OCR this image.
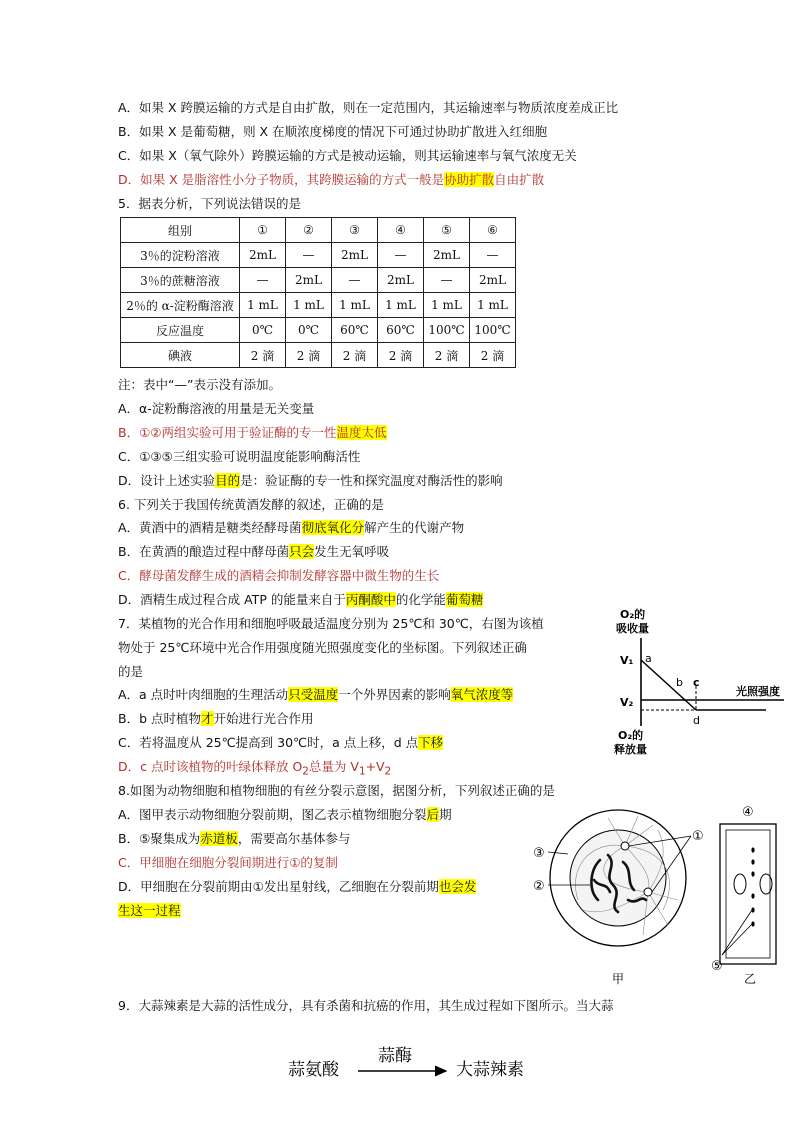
A．如果 X 跨膜运输的方式是自由扩散，则在一定范围内，其运输速率与物质浓度差成正比
B．如果 X 是葡萄糖，则 X 在顺浓度梯度的情况下可通过协助扩散进入红细胞
C．如果 X（氧气除外）跨膜运输的方式是被动运输，则其运输速率与氧气浓度无关
D．如果 X 是脂溶性小分子物质，其跨膜运输的方式一般是协助扩散自由扩散
5．据表分析，下列说法错误的是
组别	①	②	③	④	⑤	⑥
3％的淀粉溶液	2mL	—	2mL	—	2mL	—
3％的蔗糖溶液	—	2mL	—	2mL	—	2mL
2％的 α-淀粉酶溶液	1 mL	1 mL	1 mL	1 mL	1 mL	1 mL
反应温度	0℃	0℃	60℃	60℃	100℃	100℃
碘液	2 滴	2 滴	2 滴	2 滴	2 滴	2 滴
注：表中“—”表示没有添加。
A．α-淀粉酶溶液的用量是无关变量
B．①②两组实验可用于验证酶的专一性温度太低
C．①③⑤三组实验可说明温度能影响酶活性
D．设计上述实验目的是：验证酶的专一性和探究温度对酶活性的影响
6. 下列关于我国传统黄酒发酵的叙述，正确的是
A．黄酒中的酒精是糖类经酵母菌彻底氧化分解产生的代谢产物
B．在黄酒的酿造过程中酵母菌只会发生无氧呼吸
C．酵母菌发酵生成的酒精会抑制发酵容器中微生物的生长
D．酒精生成过程合成 ATP 的能量来自于丙酮酸中的化学能葡萄糖
7．某植物的光合作用和细胞呼吸最适温度分别为 25℃和 30℃，右图为该植
物处于 25℃环境中光合作用强度随光照强度变化的坐标图。下列叙述正确
的是
A．a 点时叶肉细胞的生理活动只受温度一个外界因素的影响氧气浓度等
B．b 点时植物才开始进行光合作用
C．若将温度从 25℃提高到 30℃时，a 点上移，d 点下移
D．c 点时该植物的叶绿体释放 $O_2$总量为 $V_1+V_2$
O₂的
吸收量
光照强度
V₁
V₂
a
b c
d
O₂的
释放量
8.如图为动物细胞和植物细胞的有丝分裂示意图，据图分析，下列叙述正确的是
A．图甲表示动物细胞分裂前期，图乙表示植物细胞分裂后期
B．⑤聚集成为赤道板，需要高尔基体参与
C．甲细胞在细胞分裂间期进行①的复制
D．甲细胞在分裂前期由①发出星射线，乙细胞在分裂前期也会发
生这一过程
①
③
②
甲
④
⑤
乙
9．大蒜辣素是大蒜的活性成分，具有杀菌和抗癌的作用，其生成过程如下图所示。当大蒜
蒜氨酸
蒜酶
大蒜辣素
